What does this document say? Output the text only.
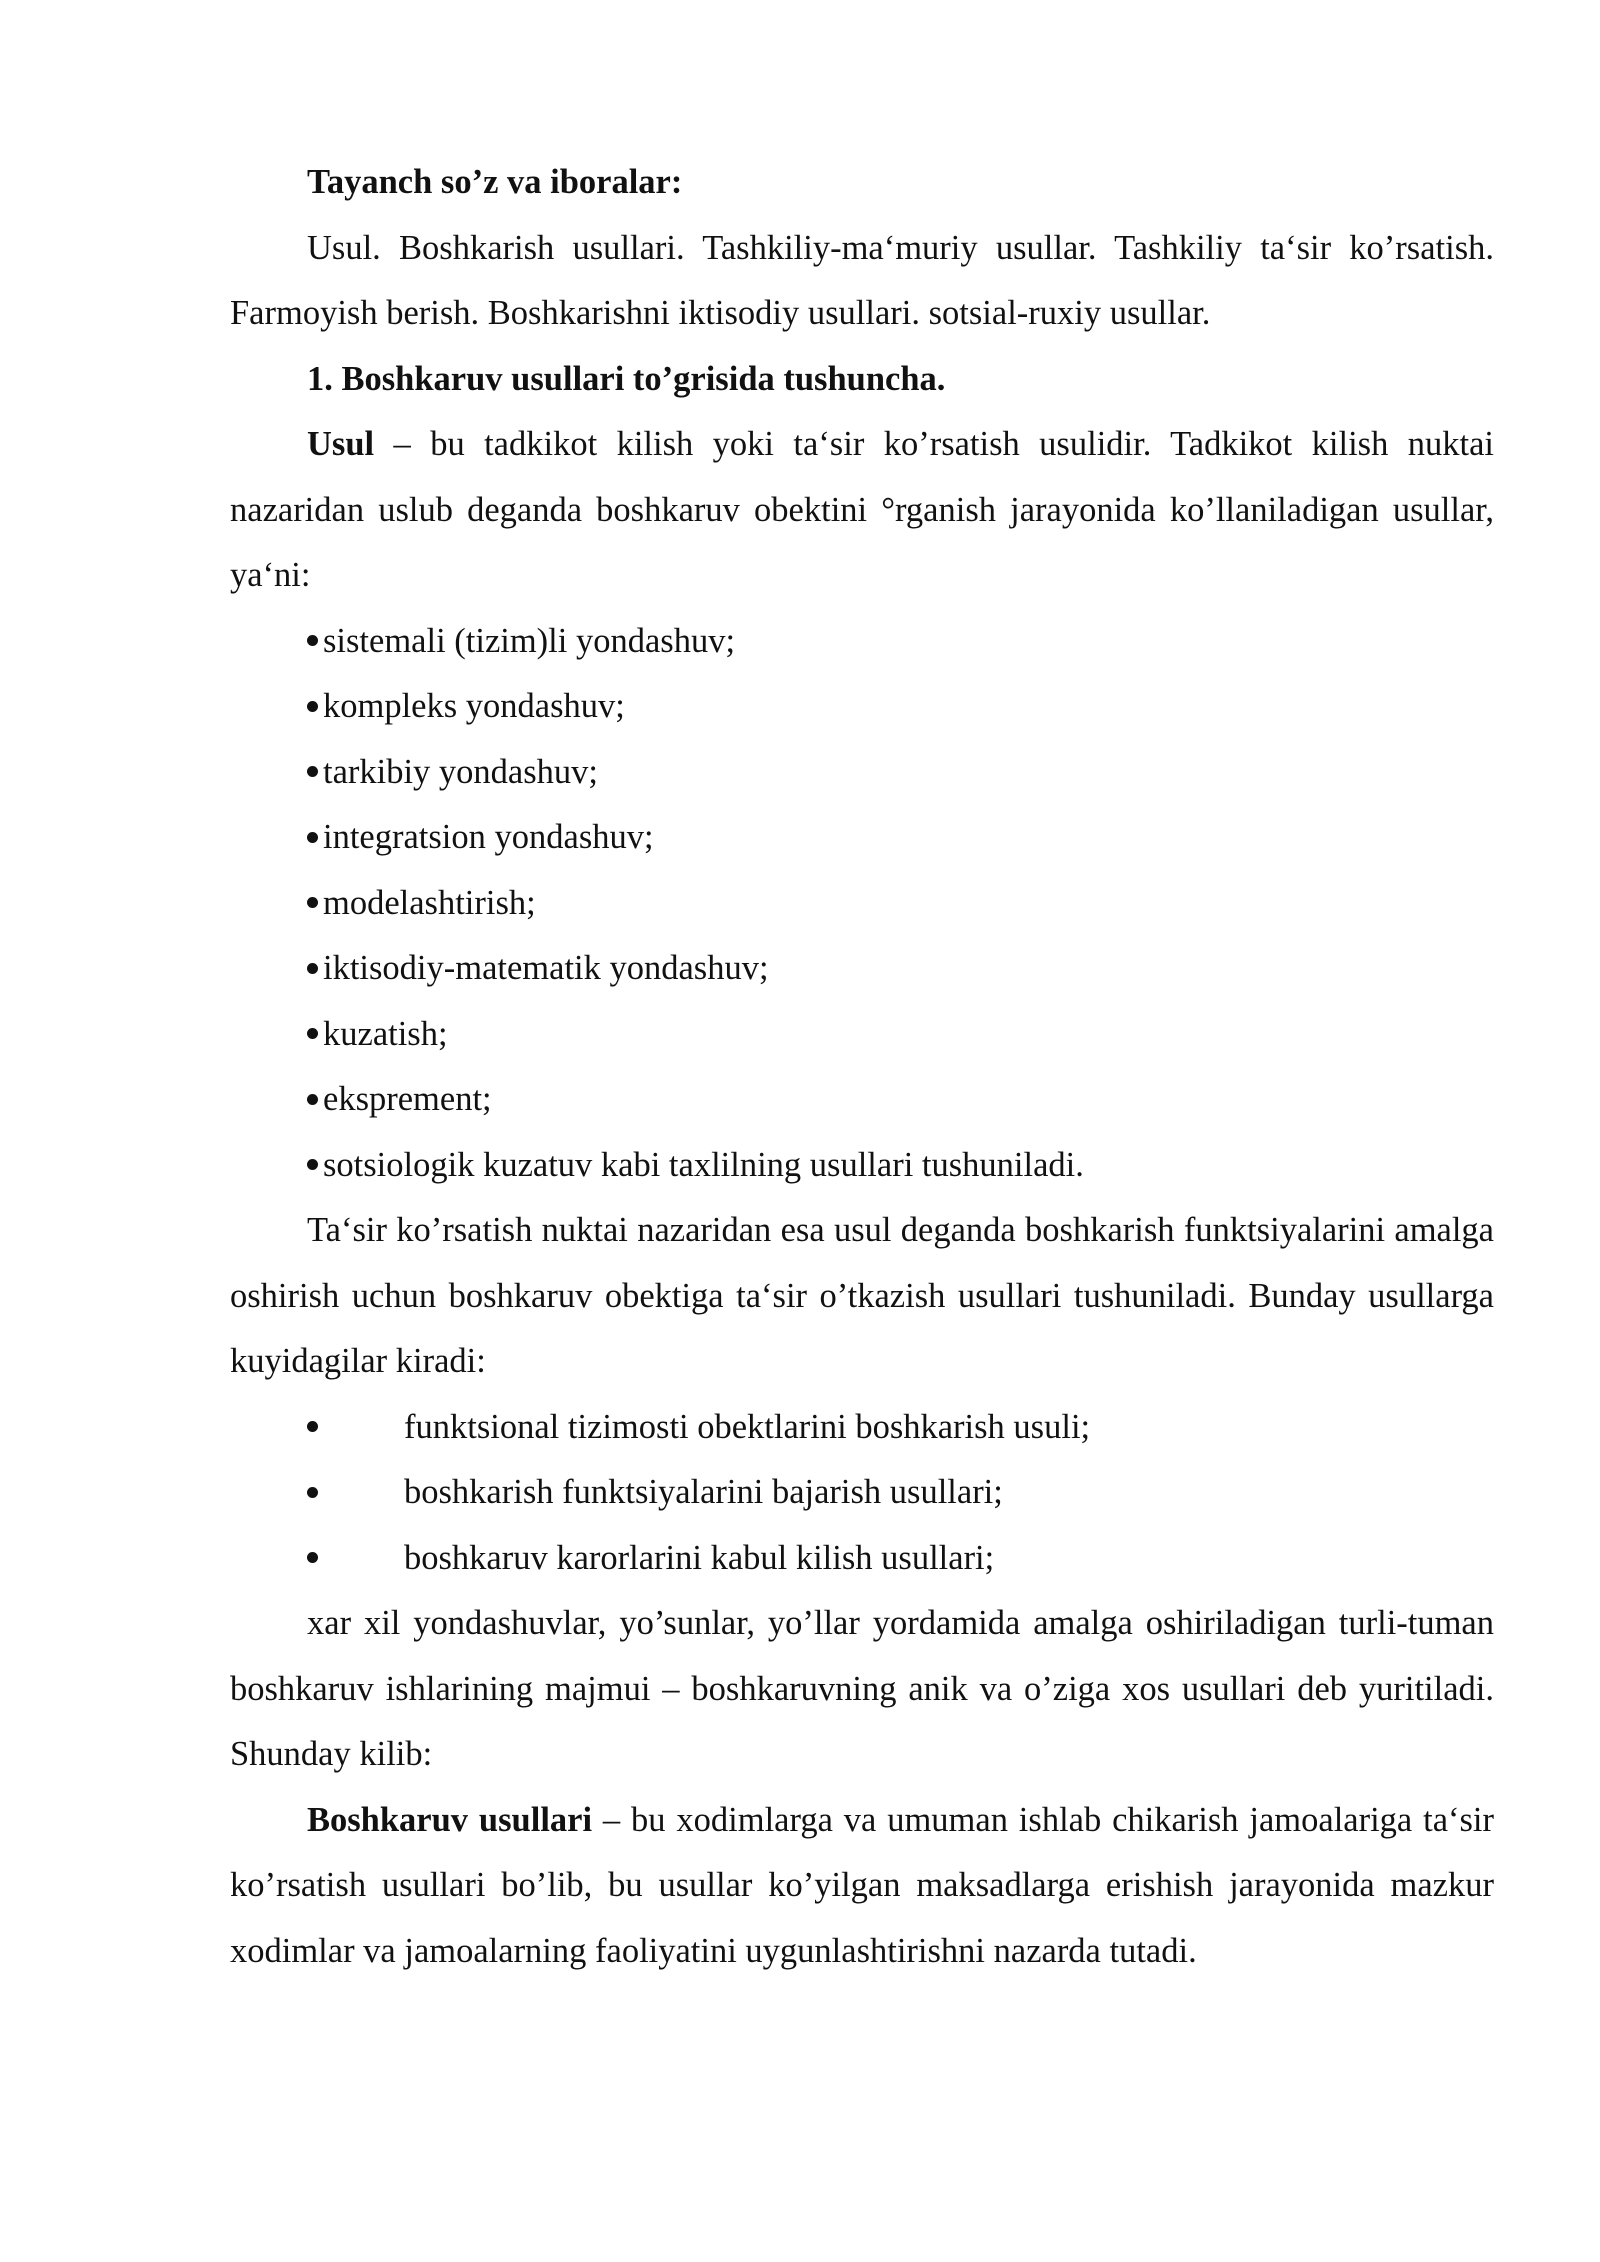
Tayanch so’z va iboralar:

Usul. Boshkarish usullari. Tashkiliy-ma‘muriy usullar. Tashkiliy ta‘sir ko’rsatish. Farmoyish berish. Boshkarishni iktisodiy usullari. sotsial-ruxiy usullar.

1. Boshkaruv usullari to’grisida tushuncha.

Usul – bu tadkikot kilish yoki ta‘sir ko’rsatish usulidir. Tadkikot kilish nuktai nazaridan uslub deganda boshkaruv obektini °rganish jarayonida ko’llaniladigan usullar, ya‘ni:

sistemali (tizim)li yondashuv;

kompleks yondashuv;

tarkibiy yondashuv;

integratsion yondashuv;

modelashtirish;

iktisodiy-matematik yondashuv;

kuzatish;

ekspremеnt;

sotsiologik kuzatuv kabi taxlilning usullari tushuniladi.

Ta‘sir ko’rsatish nuktai nazaridan esa usul deganda boshkarish funktsiyalarini amalga oshirish uchun boshkaruv obektiga ta‘sir o’tkazish usullari tushuniladi. Bunday usullarga kuyidagilar kiradi:

funktsional tizimosti obektlarini boshkarish usuli;

boshkarish funktsiyalarini bajarish usullari;

boshkaruv karorlarini kabul kilish usullari;

xar xil yondashuvlar, yo’sunlar, yo’llar yordamida amalga oshiriladigan turli-tuman boshkaruv ishlarining majmui – boshkaruvning anik va o’ziga xos usullari deb yuritiladi. Shunday kilib:

Boshkaruv usullari – bu xodimlarga va umuman ishlab chikarish jamoalariga ta‘sir ko’rsatish usullari bo’lib, bu usullar ko’yilgan maksadlarga erishish jarayonida mazkur xodimlar va jamoalarning faoliyatini uygunlashtirishni nazarda tutadi.
